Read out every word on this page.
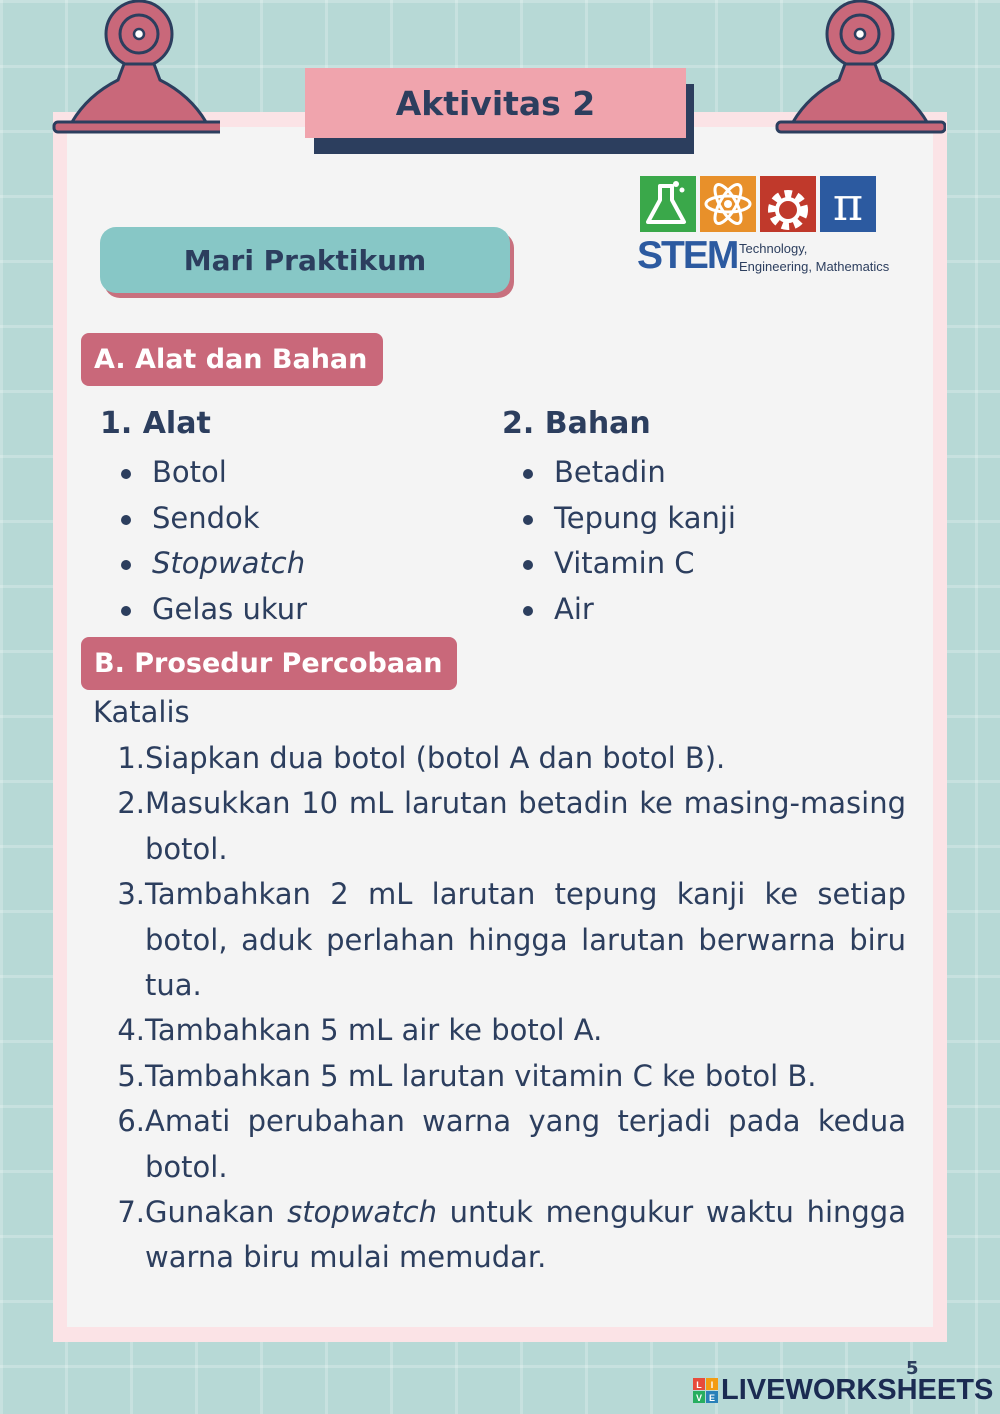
Aktivitas 2
π
STEM Technology,
Engineering, Mathematics
Mari Praktikum
A. Alat dan Bahan
1. Alat
Botol
Sendok
Stopwatch
Gelas ukur
2. Bahan
Betadin
Tepung kanji
Vitamin C
Air
B. Prosedur Percobaan
Katalis
1. Siapkan dua botol (botol A dan botol B).
2. Masukkan 10 mL larutan betadin ke masing-masing botol.
3. Tambahkan 2 mL larutan tepung kanji ke setiap botol, aduk perlahan hingga larutan berwarna biru tua.
4. Tambahkan 5 mL air ke botol A.
5. Tambahkan 5 mL larutan vitamin C ke botol B.
6. Amati perubahan warna yang terjadi pada kedua botol.
7. Gunakan stopwatch untuk mengukur waktu hingga warna biru mulai memudar.
5
L I
V E LIVEWORKSHEETS
